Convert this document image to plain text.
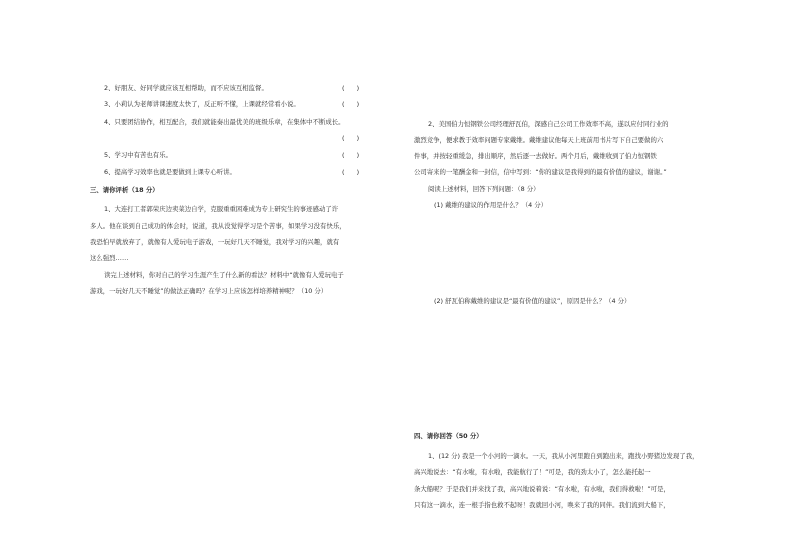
2、好朋友、好同学就应该互相帮助，而不应该互相监督。	(      )
3、小莉认为老师讲课速度太快了，反正听不懂，上课就经常看小说。	(      )
4、只要团结协作，相互配合，我们就能奏出最优美的班级乐章，在集体中不断成长。
(      )
5、学习中有苦也有乐。	(      )
6、提高学习效率也就是要做到上课专心听讲。	(      )
三、请你评析（18 分）
1、大连打工者郭荣庆边卖菜边自学，克服重重困难成为专上研究生的事迹感动了许
多人。他在谈到自己成功的体会时，说道，我从没觉得学习是个苦事，如果学习没有快乐，
我恐怕早就放弃了，就像有人爱玩电子游戏，一玩好几天不睡觉，我对学习的兴趣，就有
这么强烈……
读完上述材料，你对自己的学习生涯产生了什么新的看法？材料中“就像有人爱玩电子
游戏，一玩好几天不睡觉”的做法正确吗？在学习上应该怎样培养精神呢？（10 分）
2、美国伯力恒钢铁公司经理舒瓦伯，深感自己公司工作效率不高，遂以应付同行业的
激烈竞争，便求教于效率问题专家戴维。戴维建议他每天上班前用书片写下自己要做的六
件事，并按轻重缓急，排出顺序，然后逐一去做好。两个月后，戴维收到了伯力恒钢铁
公司寄来的一笔酬金和一封信，信中写到：“你的建议是我得到的最有价值的建议，谢谢。”
阅读上述材料，回答下列问题：（8 分）
(1) 戴维的建议的作用是什么？（4 分）
(2) 舒瓦伯称戴维的建议是“最有价值的建议”，原因是什么？（4 分）
四、请你回答（50 分）
1、(12 分) 我是一个小河的一滴水。一天，我从小河里跑自到跑出来，跑找小野猪边发现了我，
高兴地说去：“有水啦，有水啦，我能航行了！”可是，我的劲太小了，怎么能托起一
条大船呢？于是我们并来找了我，高兴地说着说：“有水啦，有水啦，我们得救啦！”可是，
只有这一滴水，连一根手指也救不起呀！我就回小河，唤来了我的同伴。我们流到大船下，
